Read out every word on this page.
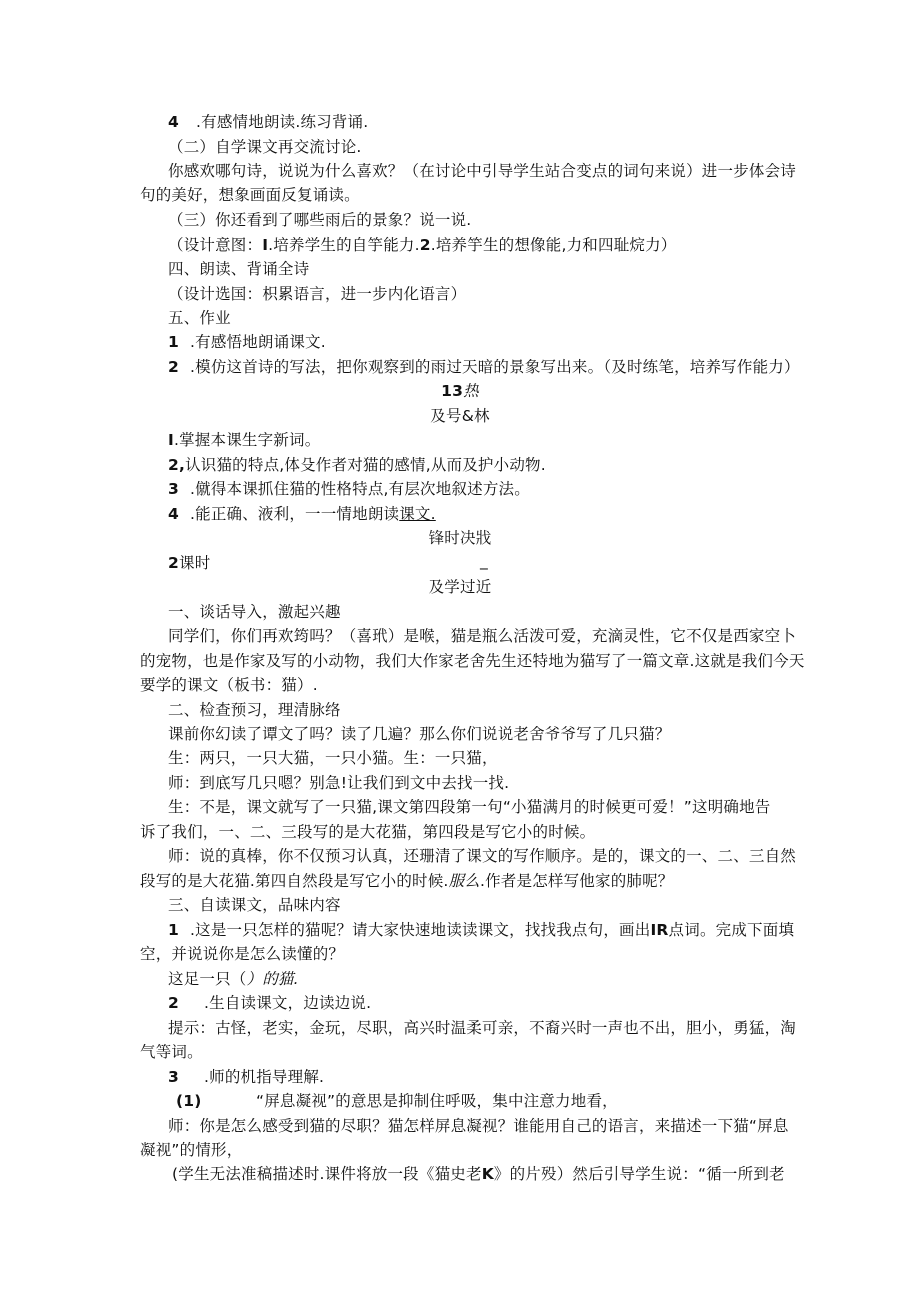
4 .有感情地朗读.练习背诵.
（二）自学课文再交流讨论.
你感欢哪句诗，说说为什么喜欢？（在讨论中引导学生站合变点的词句来说）进一步体会诗
句的美好，想象画面反复诵读。
（三）你还看到了哪些雨后的景象？说一说.
（设计意图：I.培养学生的自竽能力.2.培养竽生的想像能,力和四耻烷力）
四、朗读、背诵全诗
（设计选国：枳累语言，进一步内化语言）
五、作业
1 .有感悟地朗诵课文.
2 .模仿这首诗的写法，把你观察到的雨过天暗的景象写出来。（及时练笔，培养写作能力）
13热
及号&林
I.掌握本课生字新词。
2,认识猫的特点,体殳作者对猫的感情,从而及护小动物.
3 .僦得本课抓住猫的性格特点,有层次地叙述方法。
4 .能正确、液利，一一情地朗读课文.
锋时决戕
2课时	_
及学过近
一、谈话导入，激起兴趣
同学们，你们再欢筠吗？（喜玳）是喉，猫是瓶么活泼可爱，充滴灵性，它不仅是西家空卜
的宠物，也是作家及写的小动物，我们大作家老舍先生还特地为猫写了一篇文章.这就是我们今天
要学的课文（板书：猫）.
二、检查预习，理清脉络
课前你幻读了谭文了吗？读了几遍？那么你们说说老舍爷爷写了几只猫？
生：两只，一只大猫，一只小猫。生：一只猫，
师：到底写几只嗯？别急!让我们到文中去找一找.
生：不是，课文就写了一只猫,课文第四段第一句“小猫满月的时候更可爱！”这明确地告
诉了我们，一、二、三段写的是大花猫，第四段是写它小的时候。
师：说的真棒，你不仅预习认真，还珊清了课文的写作顺序。是的，课文的一、二、三自然
段写的是大花猫.第四自然段是写它小的时候.服么.作者是怎样写他家的肺呢？
三、自读课文，品味内容
1 .这是一只怎样的猫呢？请大家快速地读读课文，找找我点句，画出IR点词。完成下面填
空，并说说你是怎么读懂的？
这足一只（）的猫.
2 .生自读课文，边读边说.
提示：古怪，老实，金玩，尽职，高兴时温柔可亲，不裔兴时一声也不出，胆小，勇猛，淘
气等词。
3 .师的机指导理解.
(1)	“屏息凝视”的意思是抑制住呼吸，集中注意力地看，
师：你是怎么感受到猫的尽职？猫怎样屏息凝视？谁能用自己的语言，来描述一下猫“屏息
凝视”的情形，
(学生无法准稿描述时.课件将放一段《猫史老K》的片殁）然后引导学生说：“循一所到老
